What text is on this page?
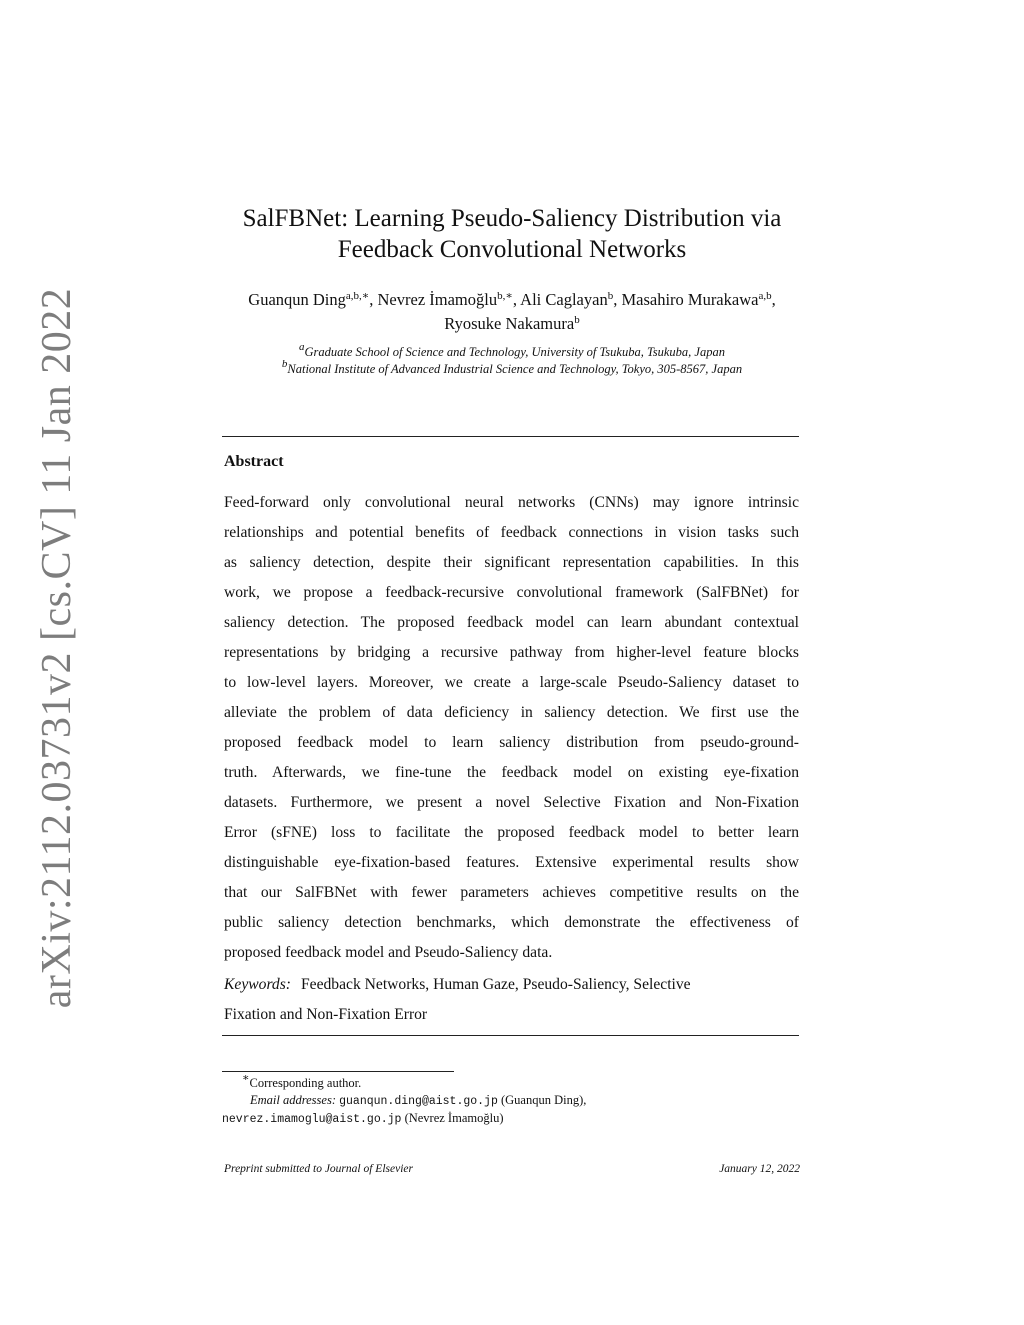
arXiv:2112.03731v2 [cs.CV] 11 Jan 2022
SalFBNet: Learning Pseudo-Saliency Distribution via
Feedback Convolutional Networks
Guanqun Ding$^{a,b,∗}$, Nevrez İmamoğlu$^{b,∗}$, Ali Caglayan$^b$, Masahiro Murakawa$^{a,b}$, Ryosuke Nakamura$^b$
$^a$Graduate School of Science and Technology, University of Tsukuba, Tsukuba, Japan
$^b$National Institute of Advanced Industrial Science and Technology, Tokyo, 305-8567, Japan
Abstract
Feed-forward only convolutional neural networks (CNNs) may ignore intrinsic
relationships and potential benefits of feedback connections in vision tasks such
as saliency detection, despite their significant representation capabilities. In this
work, we propose a feedback-recursive convolutional framework (SalFBNet) for
saliency detection. The proposed feedback model can learn abundant contextual
representations by bridging a recursive pathway from higher-level feature blocks
to low-level layers. Moreover, we create a large-scale Pseudo-Saliency dataset to
alleviate the problem of data deficiency in saliency detection. We first use the
proposed feedback model to learn saliency distribution from pseudo-ground-
truth. Afterwards, we fine-tune the feedback model on existing eye-fixation
datasets. Furthermore, we present a novel Selective Fixation and Non-Fixation
Error (sFNE) loss to facilitate the proposed feedback model to better learn
distinguishable eye-fixation-based features. Extensive experimental results show
that our SalFBNet with fewer parameters achieves competitive results on the
public saliency detection benchmarks, which demonstrate the effectiveness of
proposed feedback model and Pseudo-Saliency data.
Keywords: Feedback Networks, Human Gaze, Pseudo-Saliency, Selective
Fixation and Non-Fixation Error
∗Corresponding author.
Email addresses: guanqun.ding@aist.go.jp (Guanqun Ding),
nevrez.imamoglu@aist.go.jp (Nevrez İmamoğlu)
Preprint submitted to Journal of Elsevier	January 12, 2022
